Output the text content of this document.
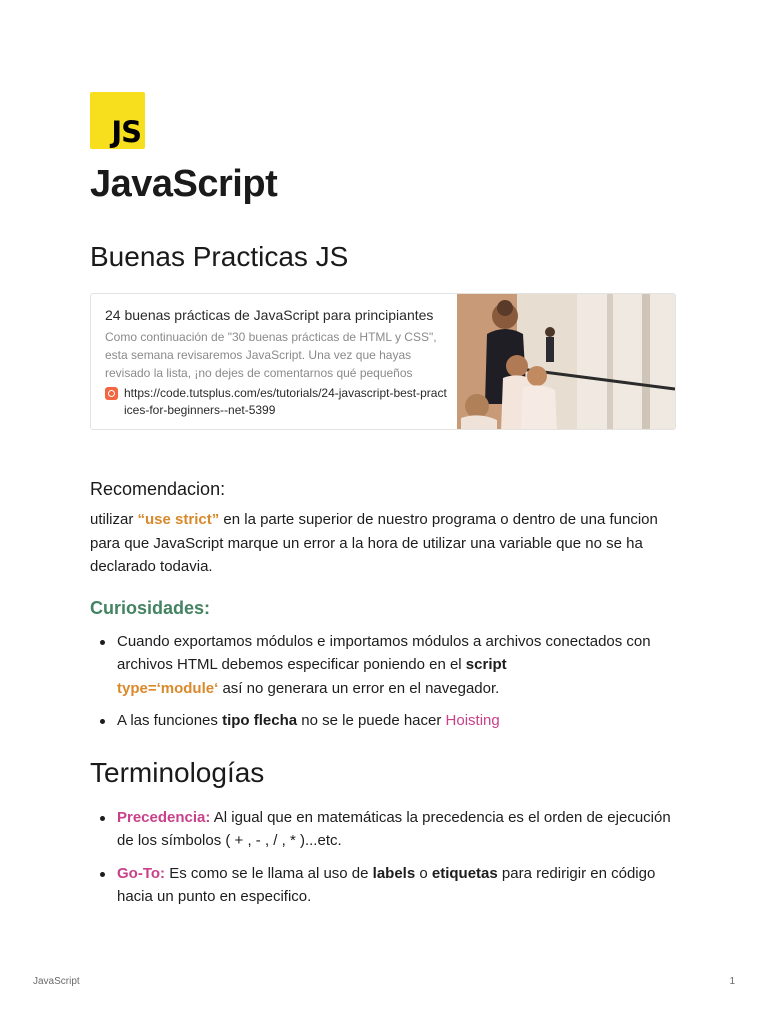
JS
JavaScript
Buenas Practicas JS
24 buenas prácticas de JavaScript para principiantes
Como continuación de "30 buenas prácticas de HTML y CSS", esta semana revisaremos JavaScript. Una vez que hayas revisado la lista, ¡no dejes de comentarnos qué pequeños
https://code.tutsplus.com/es/tutorials/24-javascript-best-practices-for-beginners--net-5399
Recomendacion:

utilizar “use strict” en la parte superior de nuestro programa o dentro de una funcion para que JavaScript marque un error a la hora de utilizar una variable que no se ha declarado todavia.

Curiosidades:
Cuando exportamos módulos e importamos módulos a archivos conectados con archivos HTML debemos especificar poniendo en el script
type=‘module‘ así no generara un error en el navegador.
A las funciones tipo flecha no se le puede hacer Hoisting
Terminologías
Precedencia: Al igual que en matemáticas la precedencia es el orden de ejecución de los símbolos ( + , - , / , * )...etc.
Go-To: Es como se le llama al uso de labels o etiquetas para redirigir en código hacia un punto en especifico.
JavaScript	1
